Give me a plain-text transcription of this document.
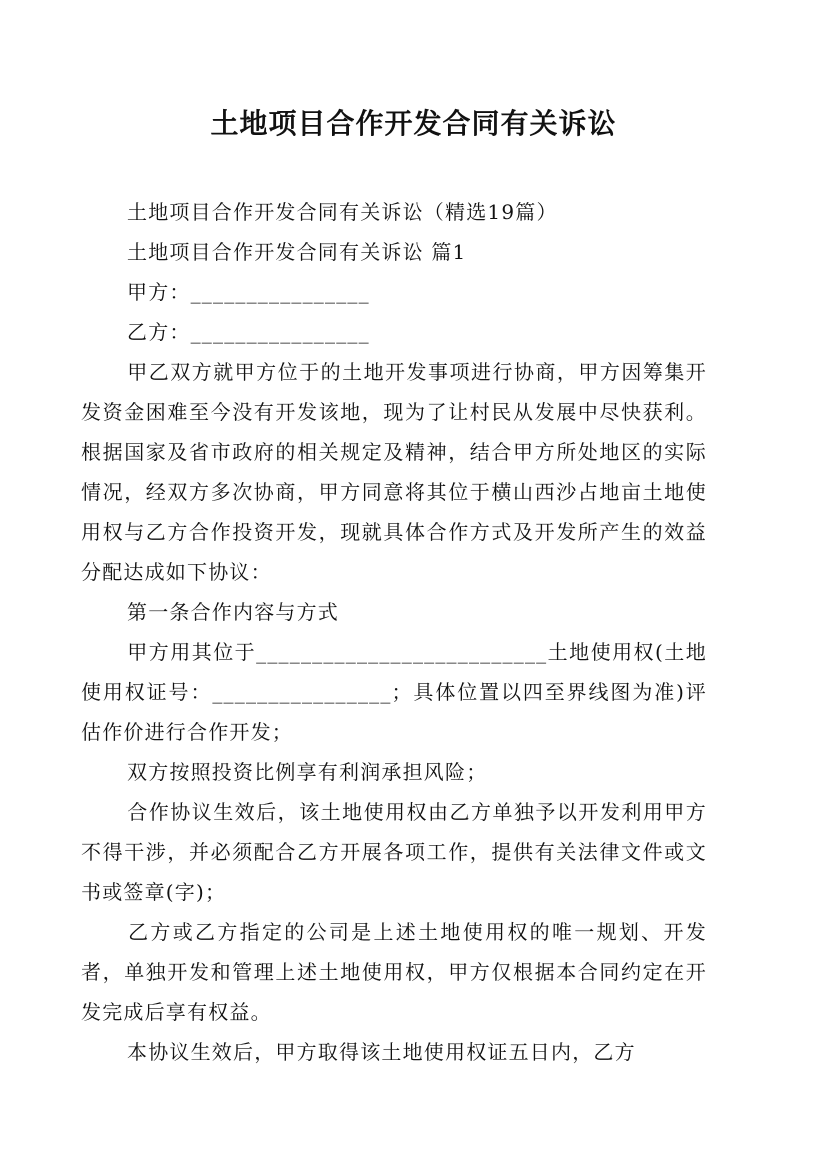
土地项目合作开发合同有关诉讼
土地项目合作开发合同有关诉讼（精选19篇）
土地项目合作开发合同有关诉讼 篇1
甲方：________________
乙方：________________
甲乙双方就甲方位于的土地开发事项进行协商，甲方因筹集开发资金困难至今没有开发该地，现为了让村民从发展中尽快获利。根据国家及省市政府的相关规定及精神，结合甲方所处地区的实际情况，经双方多次协商，甲方同意将其位于横山西沙占地亩土地使用权与乙方合作投资开发，现就具体合作方式及开发所产生的效益分配达成如下协议：
第一条合作内容与方式
甲方用其位于__________________________土地使用权(土地使用权证号：________________；具体位置以四至界线图为准)评估作价进行合作开发；
双方按照投资比例享有利润承担风险；
合作协议生效后，该土地使用权由乙方单独予以开发利用甲方不得干涉，并必须配合乙方开展各项工作，提供有关法律文件或文书或签章(字)；
乙方或乙方指定的公司是上述土地使用权的唯一规划、开发者，单独开发和管理上述土地使用权，甲方仅根据本合同约定在开发完成后享有权益。
本协议生效后，甲方取得该土地使用权证五日内，乙方
